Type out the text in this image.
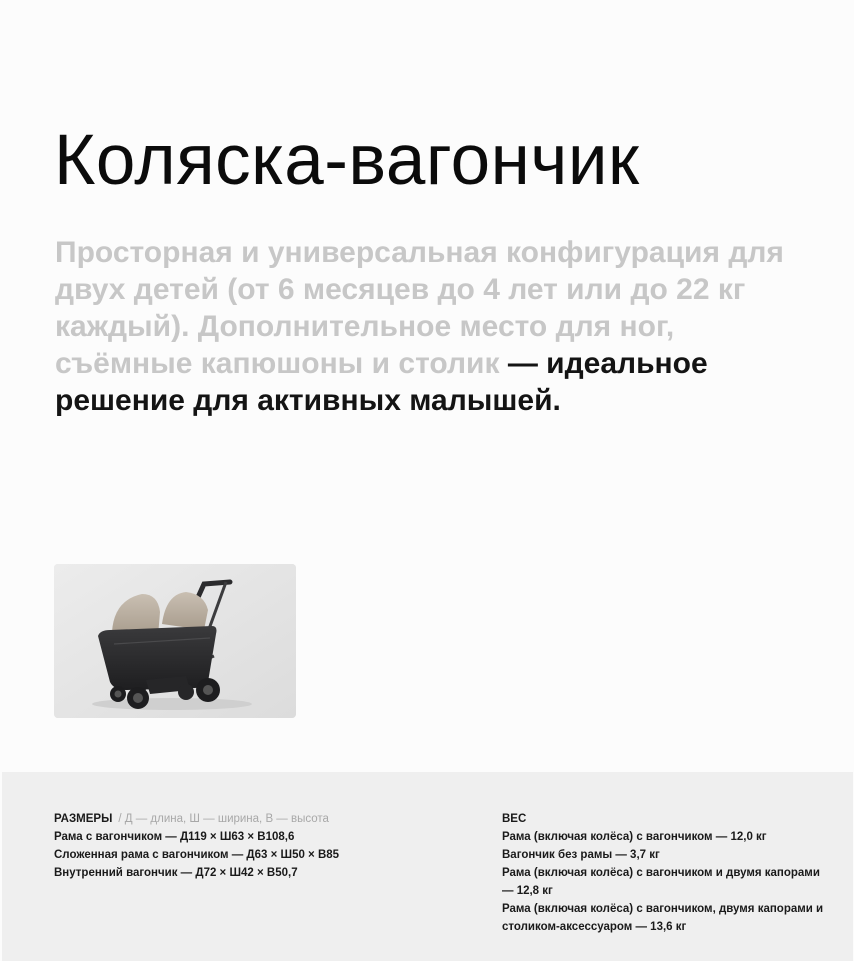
Коляска-вагончик

Просторная и универсальная конфигурация для двух детей (от 6 месяцев до 4 лет или до 22 кг каждый). Дополнительное место для ног, съёмные капюшоны и столик — идеальное решение для активных малышей.

РАЗМЕРЫ / Д — длина, Ш — ширина, В — высота
Рама с вагончиком — Д119 × Ш63 × В108,6
Сложенная рама с вагончиком — Д63 × Ш50 × В85
Внутренний вагончик — Д72 × Ш42 × В50,7
ВЕС
Рама (включая колёса) с вагончиком — 12,0 кг
Вагончик без рамы — 3,7 кг
Рама (включая колёса) с вагончиком и двумя капорами — 12,8 кг
Рама (включая колёса) с вагончиком, двумя капорами и столиком-аксессуаром — 13,6 кг
